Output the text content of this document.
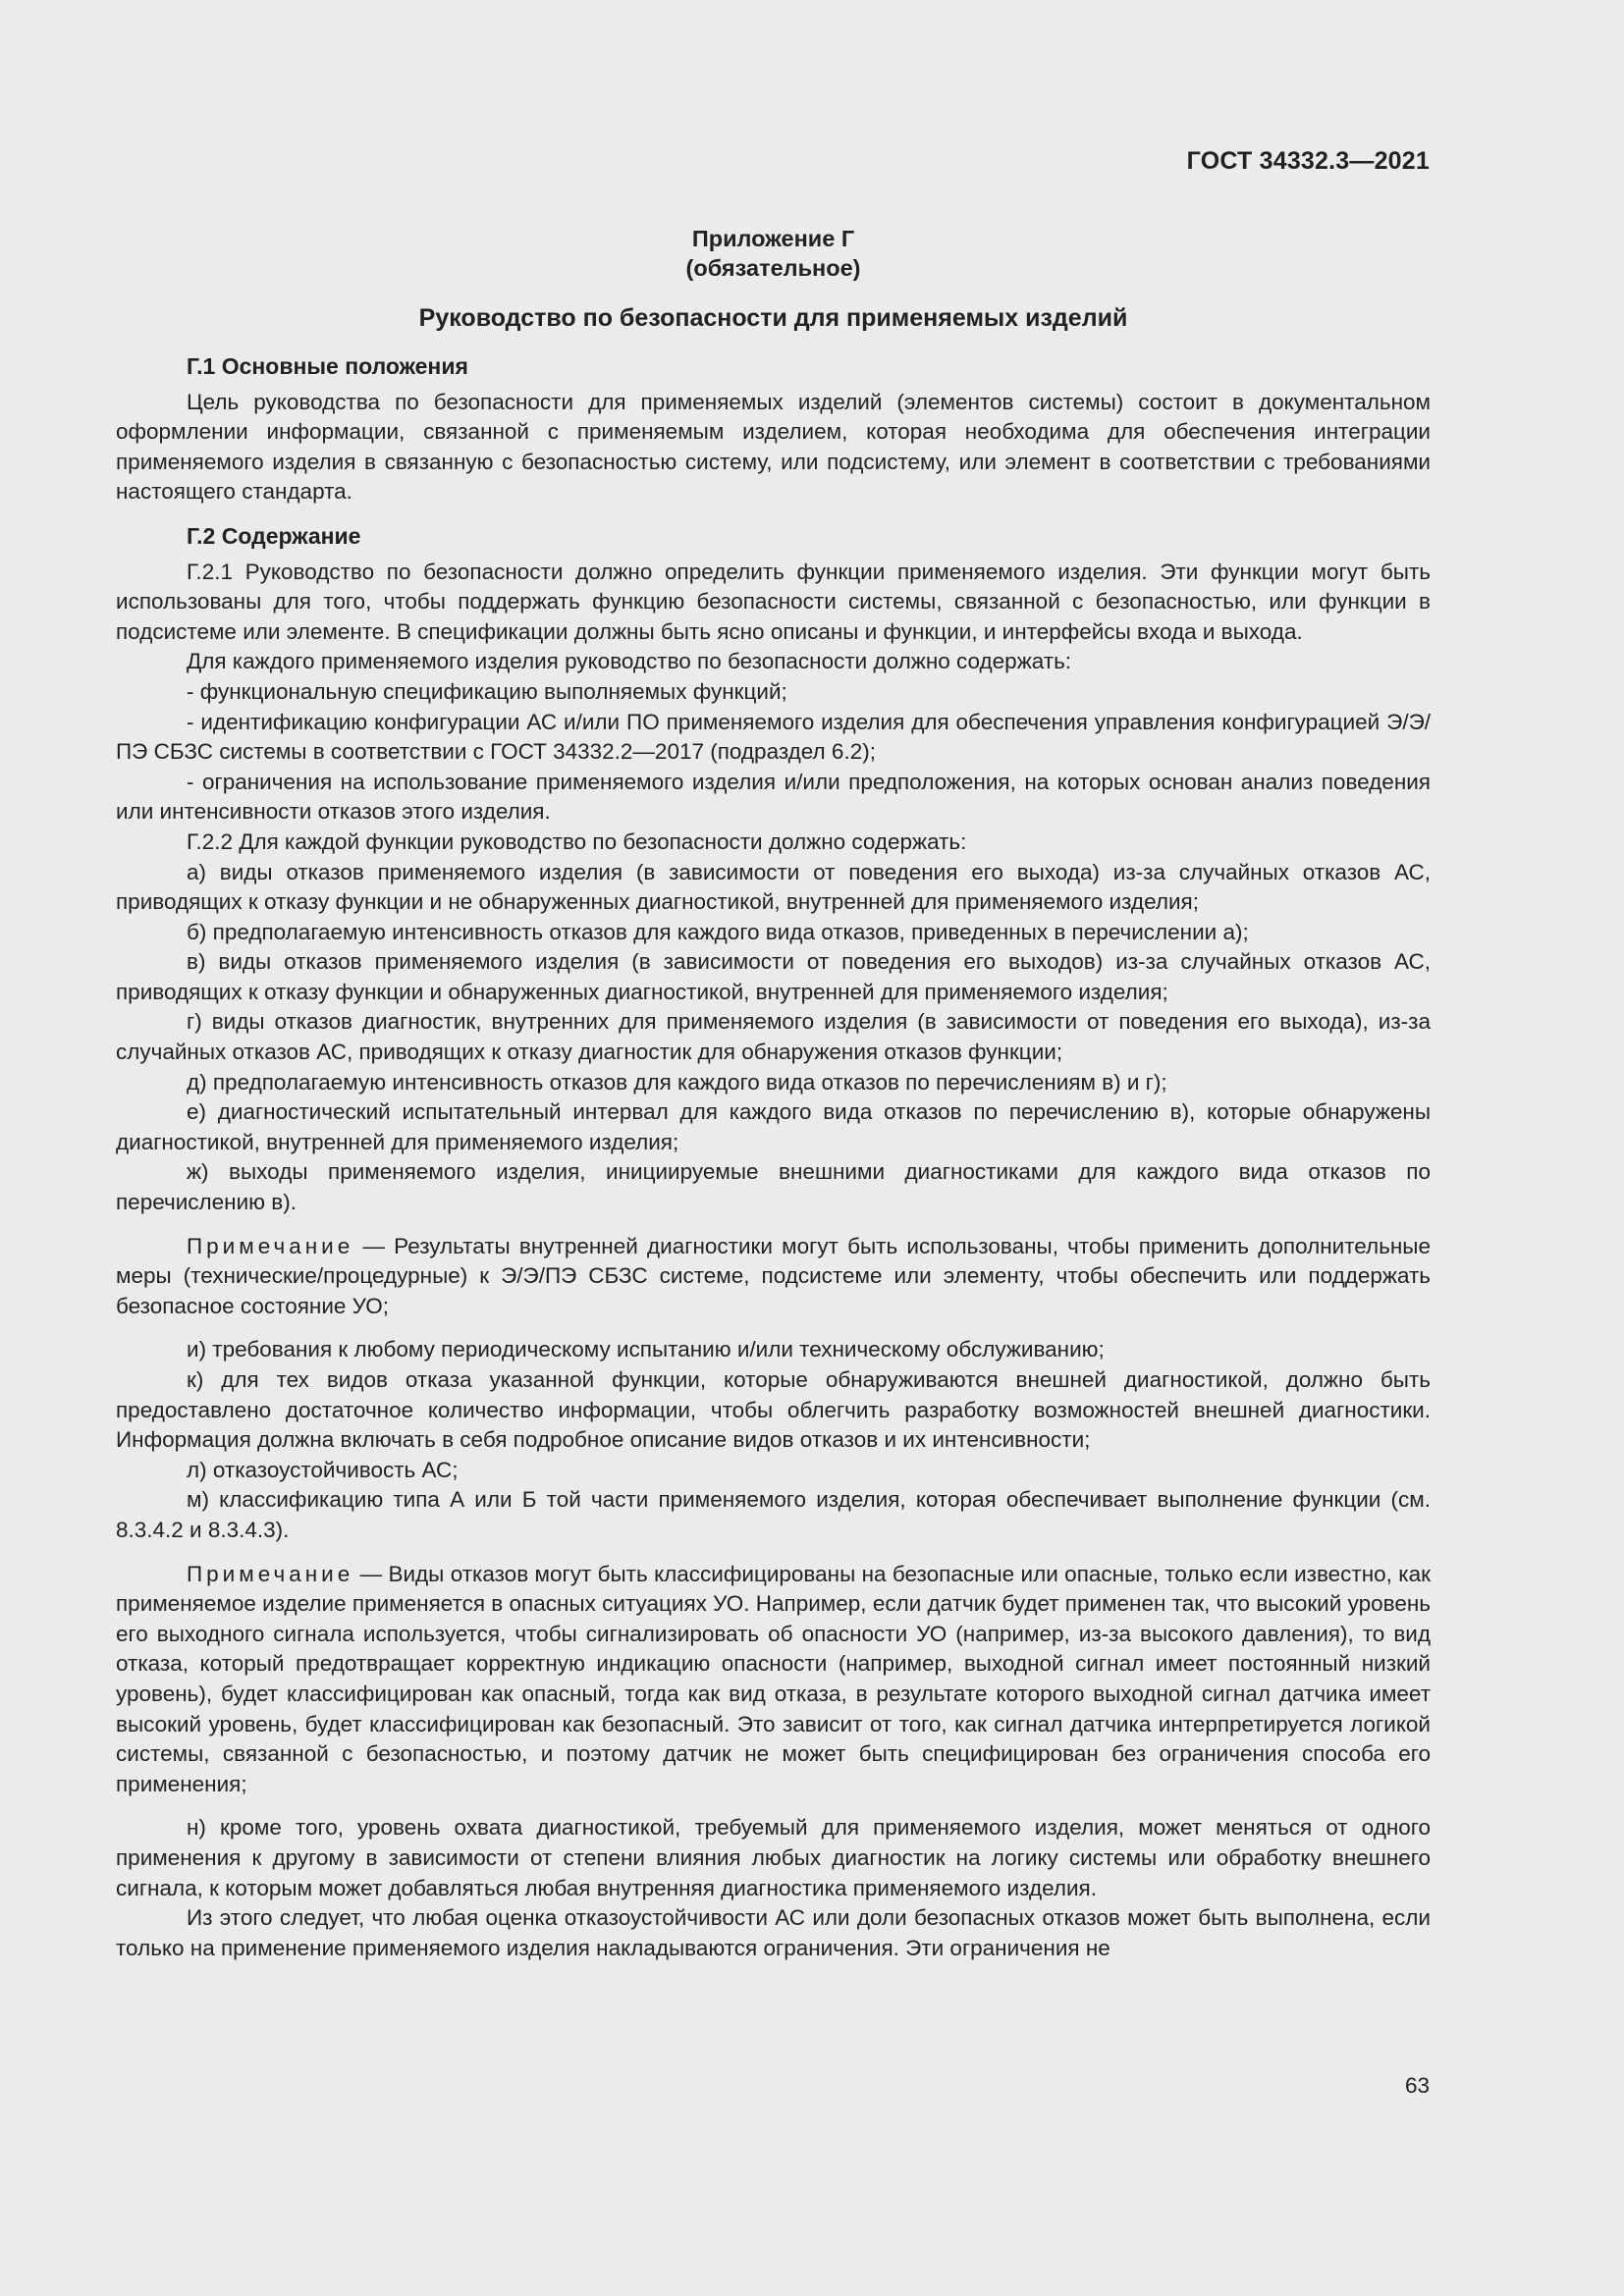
ГОСТ 34332.3—2021
Приложение Г
(обязательное)
Руководство по безопасности для применяемых изделий
Г.1 Основные положения

Цель руководства по безопасности для применяемых изделий (элементов системы) состоит в документальном оформлении информации, связанной с применяемым изделием, которая необходима для обеспечения интеграции применяемого изделия в связанную с безопасностью систему, или подсистему, или элемент в соответствии с требованиями настоящего стандарта.

Г.2 Содержание

Г.2.1 Руководство по безопасности должно определить функции применяемого изделия. Эти функции могут быть использованы для того, чтобы поддержать функцию безопасности системы, связанной с безопасностью, или функции в подсистеме или элементе. В спецификации должны быть ясно описаны и функции, и интерфейсы входа и выхода.

Для каждого применяемого изделия руководство по безопасности должно содержать:

- функциональную спецификацию выполняемых функций;

- идентификацию конфигурации АС и/или ПО применяемого изделия для обеспечения управления конфигурацией Э/Э/ПЭ СБЗС системы в соответствии с ГОСТ 34332.2—2017 (подраздел 6.2);

- ограничения на использование применяемого изделия и/или предположения, на которых основан анализ поведения или интенсивности отказов этого изделия.

Г.2.2 Для каждой функции руководство по безопасности должно содержать:

а) виды отказов применяемого изделия (в зависимости от поведения его выхода) из-за случайных отказов АС, приводящих к отказу функции и не обнаруженных диагностикой, внутренней для применяемого изделия;

б) предполагаемую интенсивность отказов для каждого вида отказов, приведенных в перечислении а);

в) виды отказов применяемого изделия (в зависимости от поведения его выходов) из-за случайных отказов АС, приводящих к отказу функции и обнаруженных диагностикой, внутренней для применяемого изделия;

г) виды отказов диагностик, внутренних для применяемого изделия (в зависимости от поведения его выхода), из-за случайных отказов АС, приводящих к отказу диагностик для обнаружения отказов функции;

д) предполагаемую интенсивность отказов для каждого вида отказов по перечислениям в) и г);

е) диагностический испытательный интервал для каждого вида отказов по перечислению в), которые обнаружены диагностикой, внутренней для применяемого изделия;

ж) выходы применяемого изделия, инициируемые внешними диагностиками для каждого вида отказов по перечислению в).

Примечание — Результаты внутренней диагностики могут быть использованы, чтобы применить дополнительные меры (технические/процедурные) к Э/Э/ПЭ СБЗС системе, подсистеме или элементу, чтобы обеспечить или поддержать безопасное состояние УО;

и) требования к любому периодическому испытанию и/или техническому обслуживанию;

к) для тех видов отказа указанной функции, которые обнаруживаются внешней диагностикой, должно быть предоставлено достаточное количество информации, чтобы облегчить разработку возможностей внешней диагностики. Информация должна включать в себя подробное описание видов отказов и их интенсивности;

л) отказоустойчивость АС;

м) классификацию типа А или Б той части применяемого изделия, которая обеспечивает выполнение функции (см. 8.3.4.2 и 8.3.4.3).

Примечание — Виды отказов могут быть классифицированы на безопасные или опасные, только если известно, как применяемое изделие применяется в опасных ситуациях УО. Например, если датчик будет применен так, что высокий уровень его выходного сигнала используется, чтобы сигнализировать об опасности УО (например, из-за высокого давления), то вид отказа, который предотвращает корректную индикацию опасности (например, выходной сигнал имеет постоянный низкий уровень), будет классифицирован как опасный, тогда как вид отказа, в результате которого выходной сигнал датчика имеет высокий уровень, будет классифицирован как безопасный. Это зависит от того, как сигнал датчика интерпретируется логикой системы, связанной с безопасностью, и поэтому датчик не может быть специфицирован без ограничения способа его применения;

н) кроме того, уровень охвата диагностикой, требуемый для применяемого изделия, может меняться от одного применения к другому в зависимости от степени влияния любых диагностик на логику системы или обработку внешнего сигнала, к которым может добавляться любая внутренняя диагностика применяемого изделия.

Из этого следует, что любая оценка отказоустойчивости АС или доли безопасных отказов может быть выполнена, если только на применение применяемого изделия накладываются ограничения. Эти ограничения не

63
